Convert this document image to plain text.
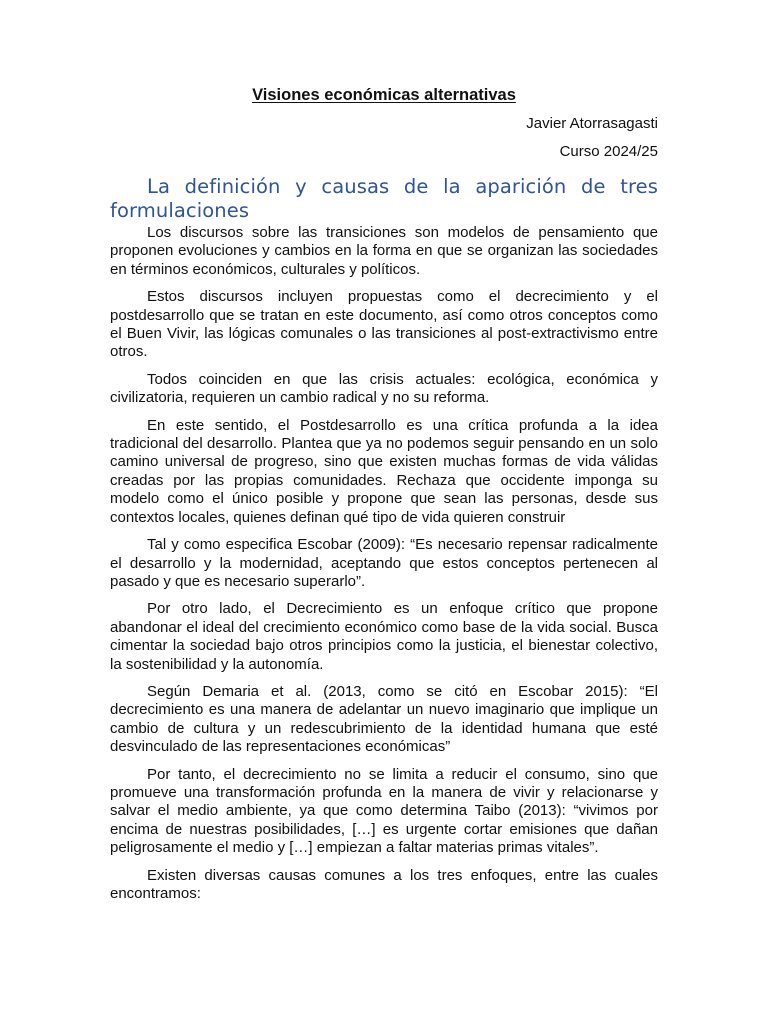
Visiones económicas alternativas

Javier Atorrasagasti

Curso 2024/25

La definición y causas de la aparición de tres formulaciones

Los discursos sobre las transiciones son modelos de pensamiento que proponen evoluciones y cambios en la forma en que se organizan las sociedades en términos económicos, culturales y políticos.

Estos discursos incluyen propuestas como el decrecimiento y el postdesarrollo que se tratan en este documento, así como otros conceptos como el Buen Vivir, las lógicas comunales o las transiciones al post-extractivismo entre otros.

Todos coinciden en que las crisis actuales: ecológica, económica y civilizatoria, requieren un cambio radical y no su reforma.

En este sentido, el Postdesarrollo es una crítica profunda a la idea tradicional del desarrollo. Plantea que ya no podemos seguir pensando en un solo camino universal de progreso, sino que existen muchas formas de vida válidas creadas por las propias comunidades. Rechaza que occidente imponga su modelo como el único posible y propone que sean las personas, desde sus contextos locales, quienes definan qué tipo de vida quieren construir

Tal y como especifica Escobar (2009): “Es necesario repensar radicalmente el desarrollo y la modernidad, aceptando que estos conceptos pertenecen al pasado y que es necesario superarlo”.

Por otro lado, el Decrecimiento es un enfoque crítico que propone abandonar el ideal del crecimiento económico como base de la vida social. Busca cimentar la sociedad bajo otros principios como la justicia, el bienestar colectivo, la sostenibilidad y la autonomía.

Según Demaria et al. (2013, como se citó en Escobar 2015): “El decrecimiento es una manera de adelantar un nuevo imaginario que implique un cambio de cultura y un redescubrimiento de la identidad humana que esté desvinculado de las representaciones económicas”

Por tanto, el decrecimiento no se limita a reducir el consumo, sino que promueve una transformación profunda en la manera de vivir y relacionarse y salvar el medio ambiente, ya que como determina Taibo (2013): “vivimos por encima de nuestras posibilidades, […] es urgente cortar emisiones que dañan peligrosamente el medio y […] empiezan a faltar materias primas vitales”.

Existen diversas causas comunes a los tres enfoques, entre las cuales encontramos:
